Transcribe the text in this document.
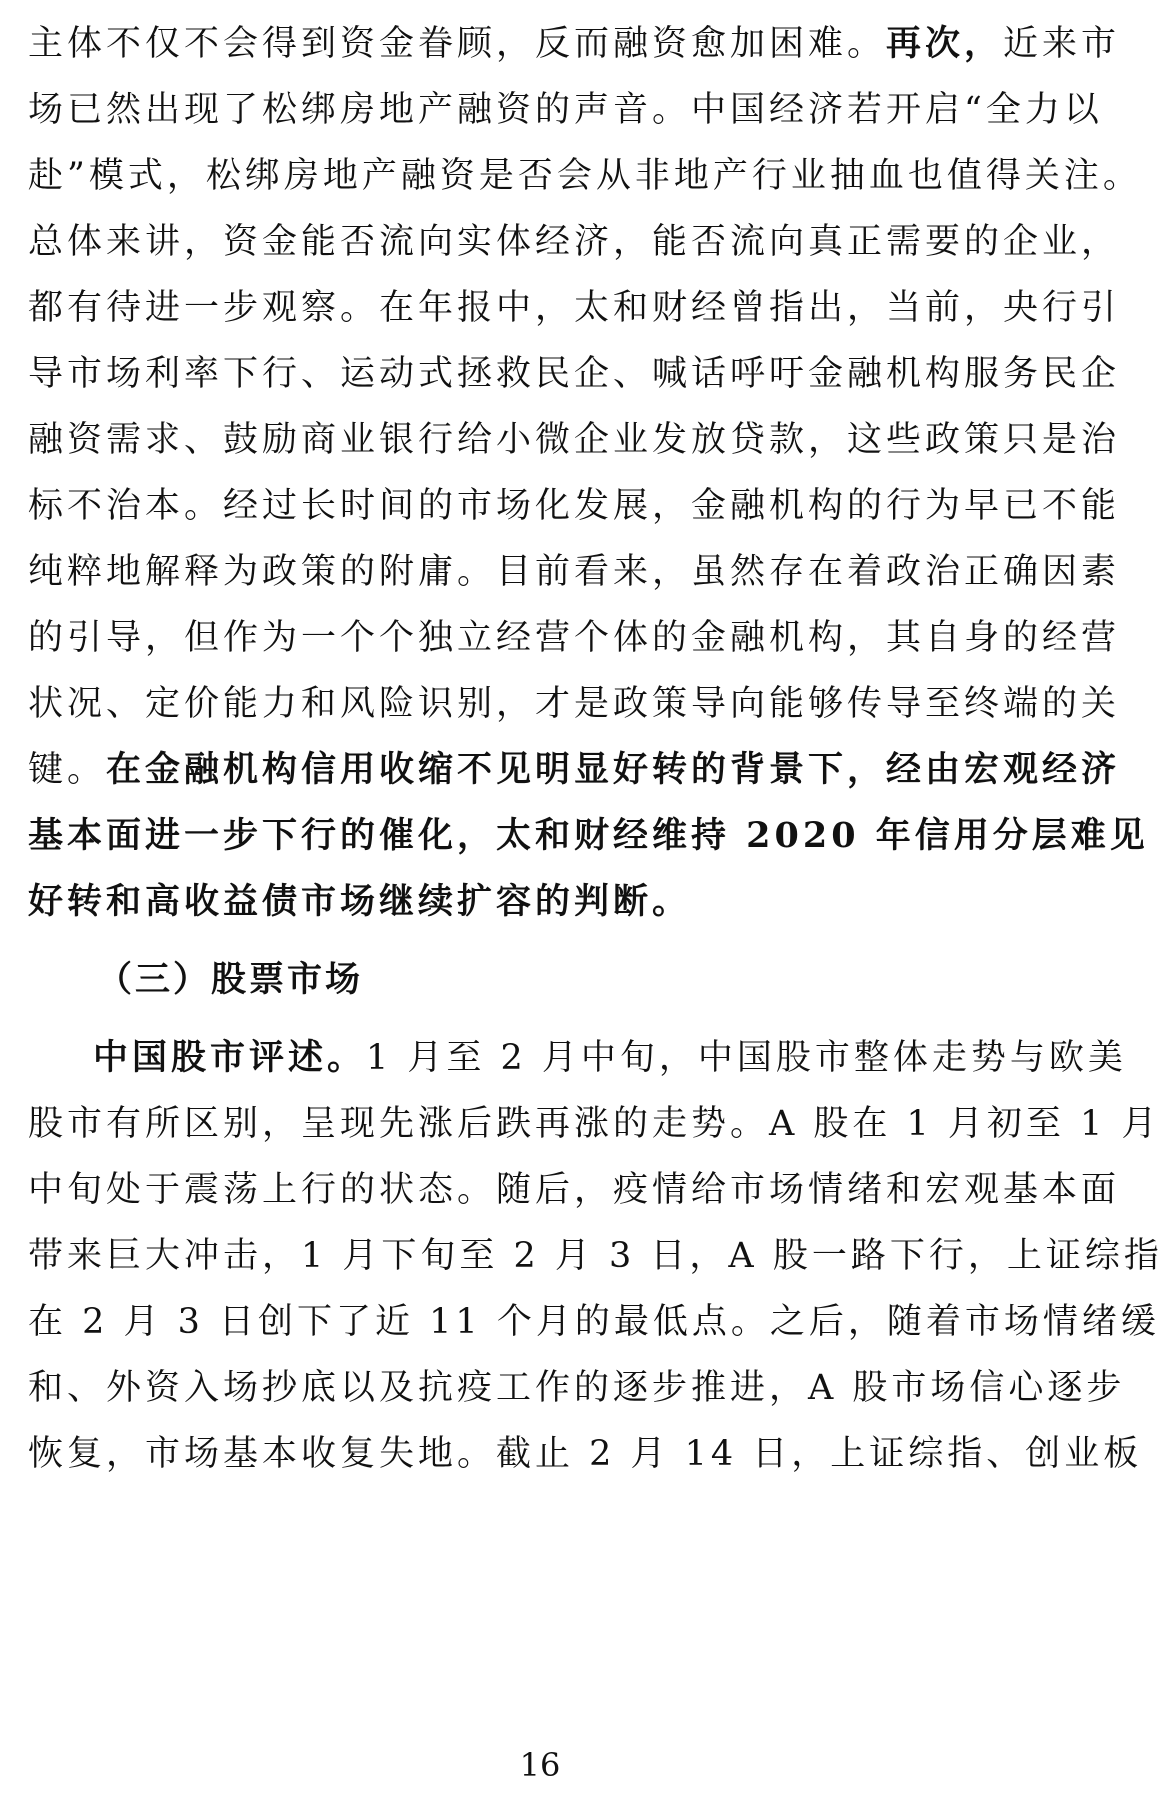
主体不仅不会得到资金眷顾，反而融资愈加困难。再次，近来市
场已然出现了松绑房地产融资的声音。中国经济若开启“全力以
赴”模式，松绑房地产融资是否会从非地产行业抽血也值得关注。
总体来讲，资金能否流向实体经济，能否流向真正需要的企业，
都有待进一步观察。在年报中，太和财经曾指出，当前，央行引
导市场利率下行、运动式拯救民企、喊话呼吁金融机构服务民企
融资需求、鼓励商业银行给小微企业发放贷款，这些政策只是治
标不治本。经过长时间的市场化发展，金融机构的行为早已不能
纯粹地解释为政策的附庸。目前看来，虽然存在着政治正确因素
的引导，但作为一个个独立经营个体的金融机构，其自身的经营
状况、定价能力和风险识别，才是政策导向能够传导至终端的关
键。在金融机构信用收缩不见明显好转的背景下，经由宏观经济
基本面进一步下行的催化，太和财经维持 2020 年信用分层难见
好转和高收益债市场继续扩容的判断。
（三）股票市场
中国股市评述。1 月至 2 月中旬，中国股市整体走势与欧美
股市有所区别，呈现先涨后跌再涨的走势。A 股在 1 月初至 1 月
中旬处于震荡上行的状态。随后，疫情给市场情绪和宏观基本面
带来巨大冲击，1 月下旬至 2 月 3 日，A 股一路下行，上证综指
在 2 月 3 日创下了近 11 个月的最低点。之后，随着市场情绪缓
和、外资入场抄底以及抗疫工作的逐步推进，A 股市场信心逐步
恢复，市场基本收复失地。截止 2 月 14 日，上证综指、创业板
16
